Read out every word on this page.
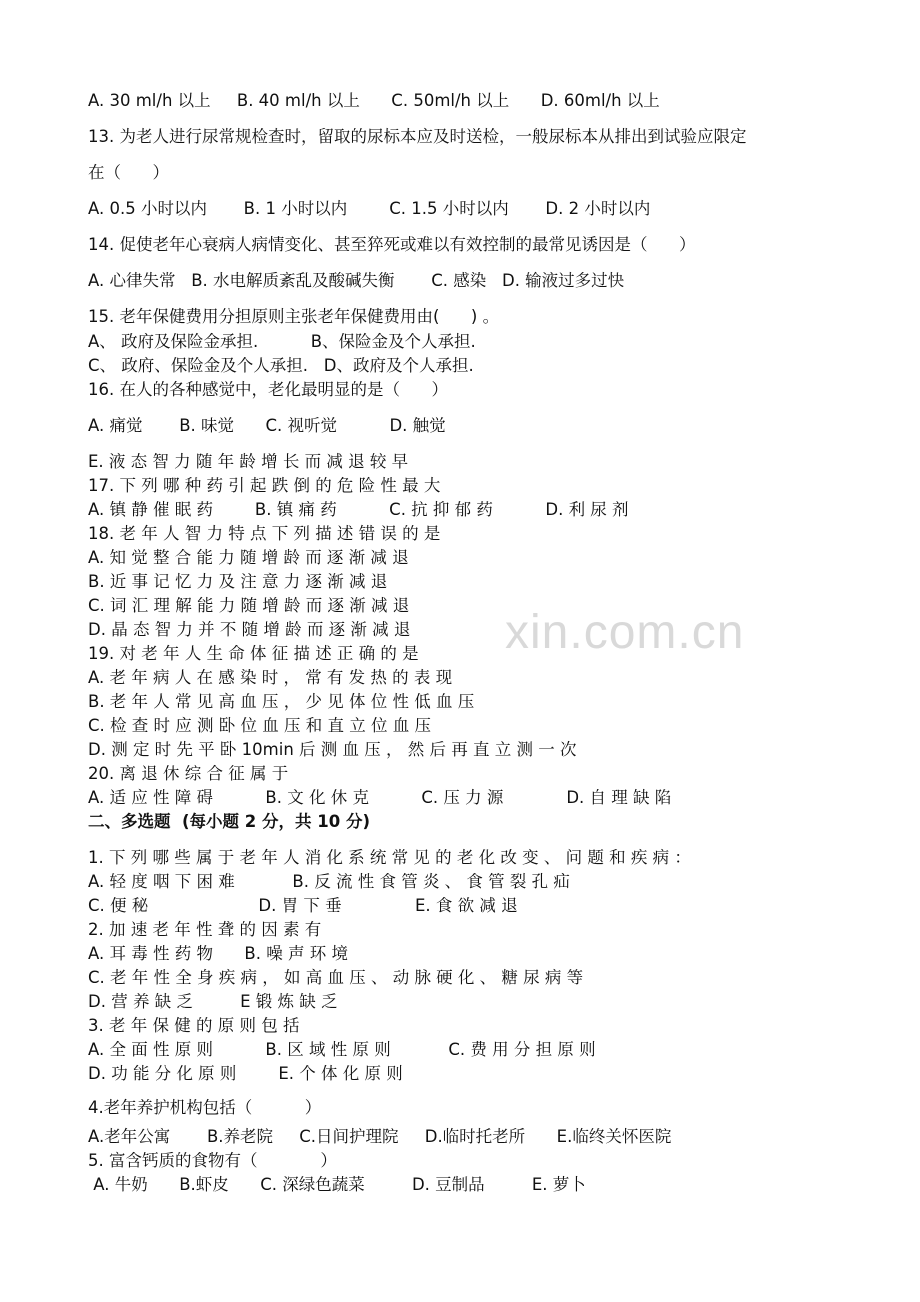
xin.com.cn
A. 30 ml/h 以上     B. 40 ml/h 以上      C. 50ml/h 以上      D. 60ml/h 以上
13. 为老人进行尿常规检查时，留取的尿标本应及时送检，一般尿标本从排出到试验应限定
在（      ）
A. 0.5 小时以内       B. 1 小时以内        C. 1.5 小时以内       D. 2 小时以内
14. 促使老年心衰病人病情变化、甚至猝死或难以有效控制的最常见诱因是（      ）
A. 心律失常   B. 水电解质紊乱及酸碱失衡       C. 感染   D. 输液过多过快
15. 老年保健费用分担原则主张老年保健费用由(      ) 。
A、 政府及保险金承担.          B、保险金及个人承担.
C、 政府、保险金及个人承担.   D、政府及个人承担.
16. 在人的各种感觉中，老化最明显的是（      ）
A. 痛觉       B. 味觉      C. 视听觉          D. 触觉
E. 液 态 智 力 随 年 龄 增 长 而 减 退 较 早
17. 下 列 哪 种 药 引 起 跌 倒 的 危 险 性 最 大
A. 镇 静 催 眠 药        B. 镇 痛 药          C. 抗 抑 郁 药          D. 利 尿 剂
18. 老 年 人 智 力 特 点 下 列 描 述 错 误 的 是
A. 知 觉 整 合 能 力 随 增 龄 而 逐 渐 减 退
B. 近 事 记 忆 力 及 注 意 力 逐 渐 减 退
C. 词 汇 理 解 能 力 随 增 龄 而 逐 渐 减 退
D. 晶 态 智 力 并 不 随 增 龄 而 逐 渐 减 退
19. 对 老 年 人 生 命 体 征 描 述 正 确 的 是
A. 老 年 病 人 在 感 染 时 ， 常 有 发 热 的 表 现
B. 老 年 人 常 见 高 血 压 ， 少 见 体 位 性 低 血 压
C. 检 查 时 应 测 卧 位 血 压 和 直 立 位 血 压
D. 测 定 时 先 平 卧 10min 后 测 血 压 ， 然 后 再 直 立 测 一 次
20. 离 退 休 综 合 征 属 于
A. 适 应 性 障 碍          B. 文 化 休 克          C. 压 力 源            D. 自 理 缺 陷
二、多选题  (每小题 2 分，共 10 分)
1. 下 列 哪 些 属 于 老 年 人 消 化 系 统 常 见 的 老 化 改 变 、 问 题 和 疾 病 ：
A. 轻 度 咽 下 困 难           B. 反 流 性 食 管 炎 、 食 管 裂 孔 疝
C. 便 秘                     D. 胃 下 垂              E. 食 欲 减 退
2. 加 速 老 年 性 聋 的 因 素 有
A. 耳 毒 性 药 物      B. 噪 声 环 境
C. 老 年 性 全 身 疾 病 ， 如 高 血 压 、 动 脉 硬 化 、 糖 尿 病 等
D. 营 养 缺 乏         E 锻 炼 缺 乏
3. 老 年 保 健 的 原 则 包 括
A. 全 面 性 原 则          B. 区 域 性 原 则           C. 费 用 分 担 原 则
D. 功 能 分 化 原 则        E. 个 体 化 原 则
4.老年养护机构包括（          ）
A.老年公寓       B.养老院     C.日间护理院     D.临时托老所      E.临终关怀医院
5. 富含钙质的食物有（            ）
A. 牛奶      B.虾皮      C. 深绿色蔬菜         D. 豆制品         E. 萝卜
